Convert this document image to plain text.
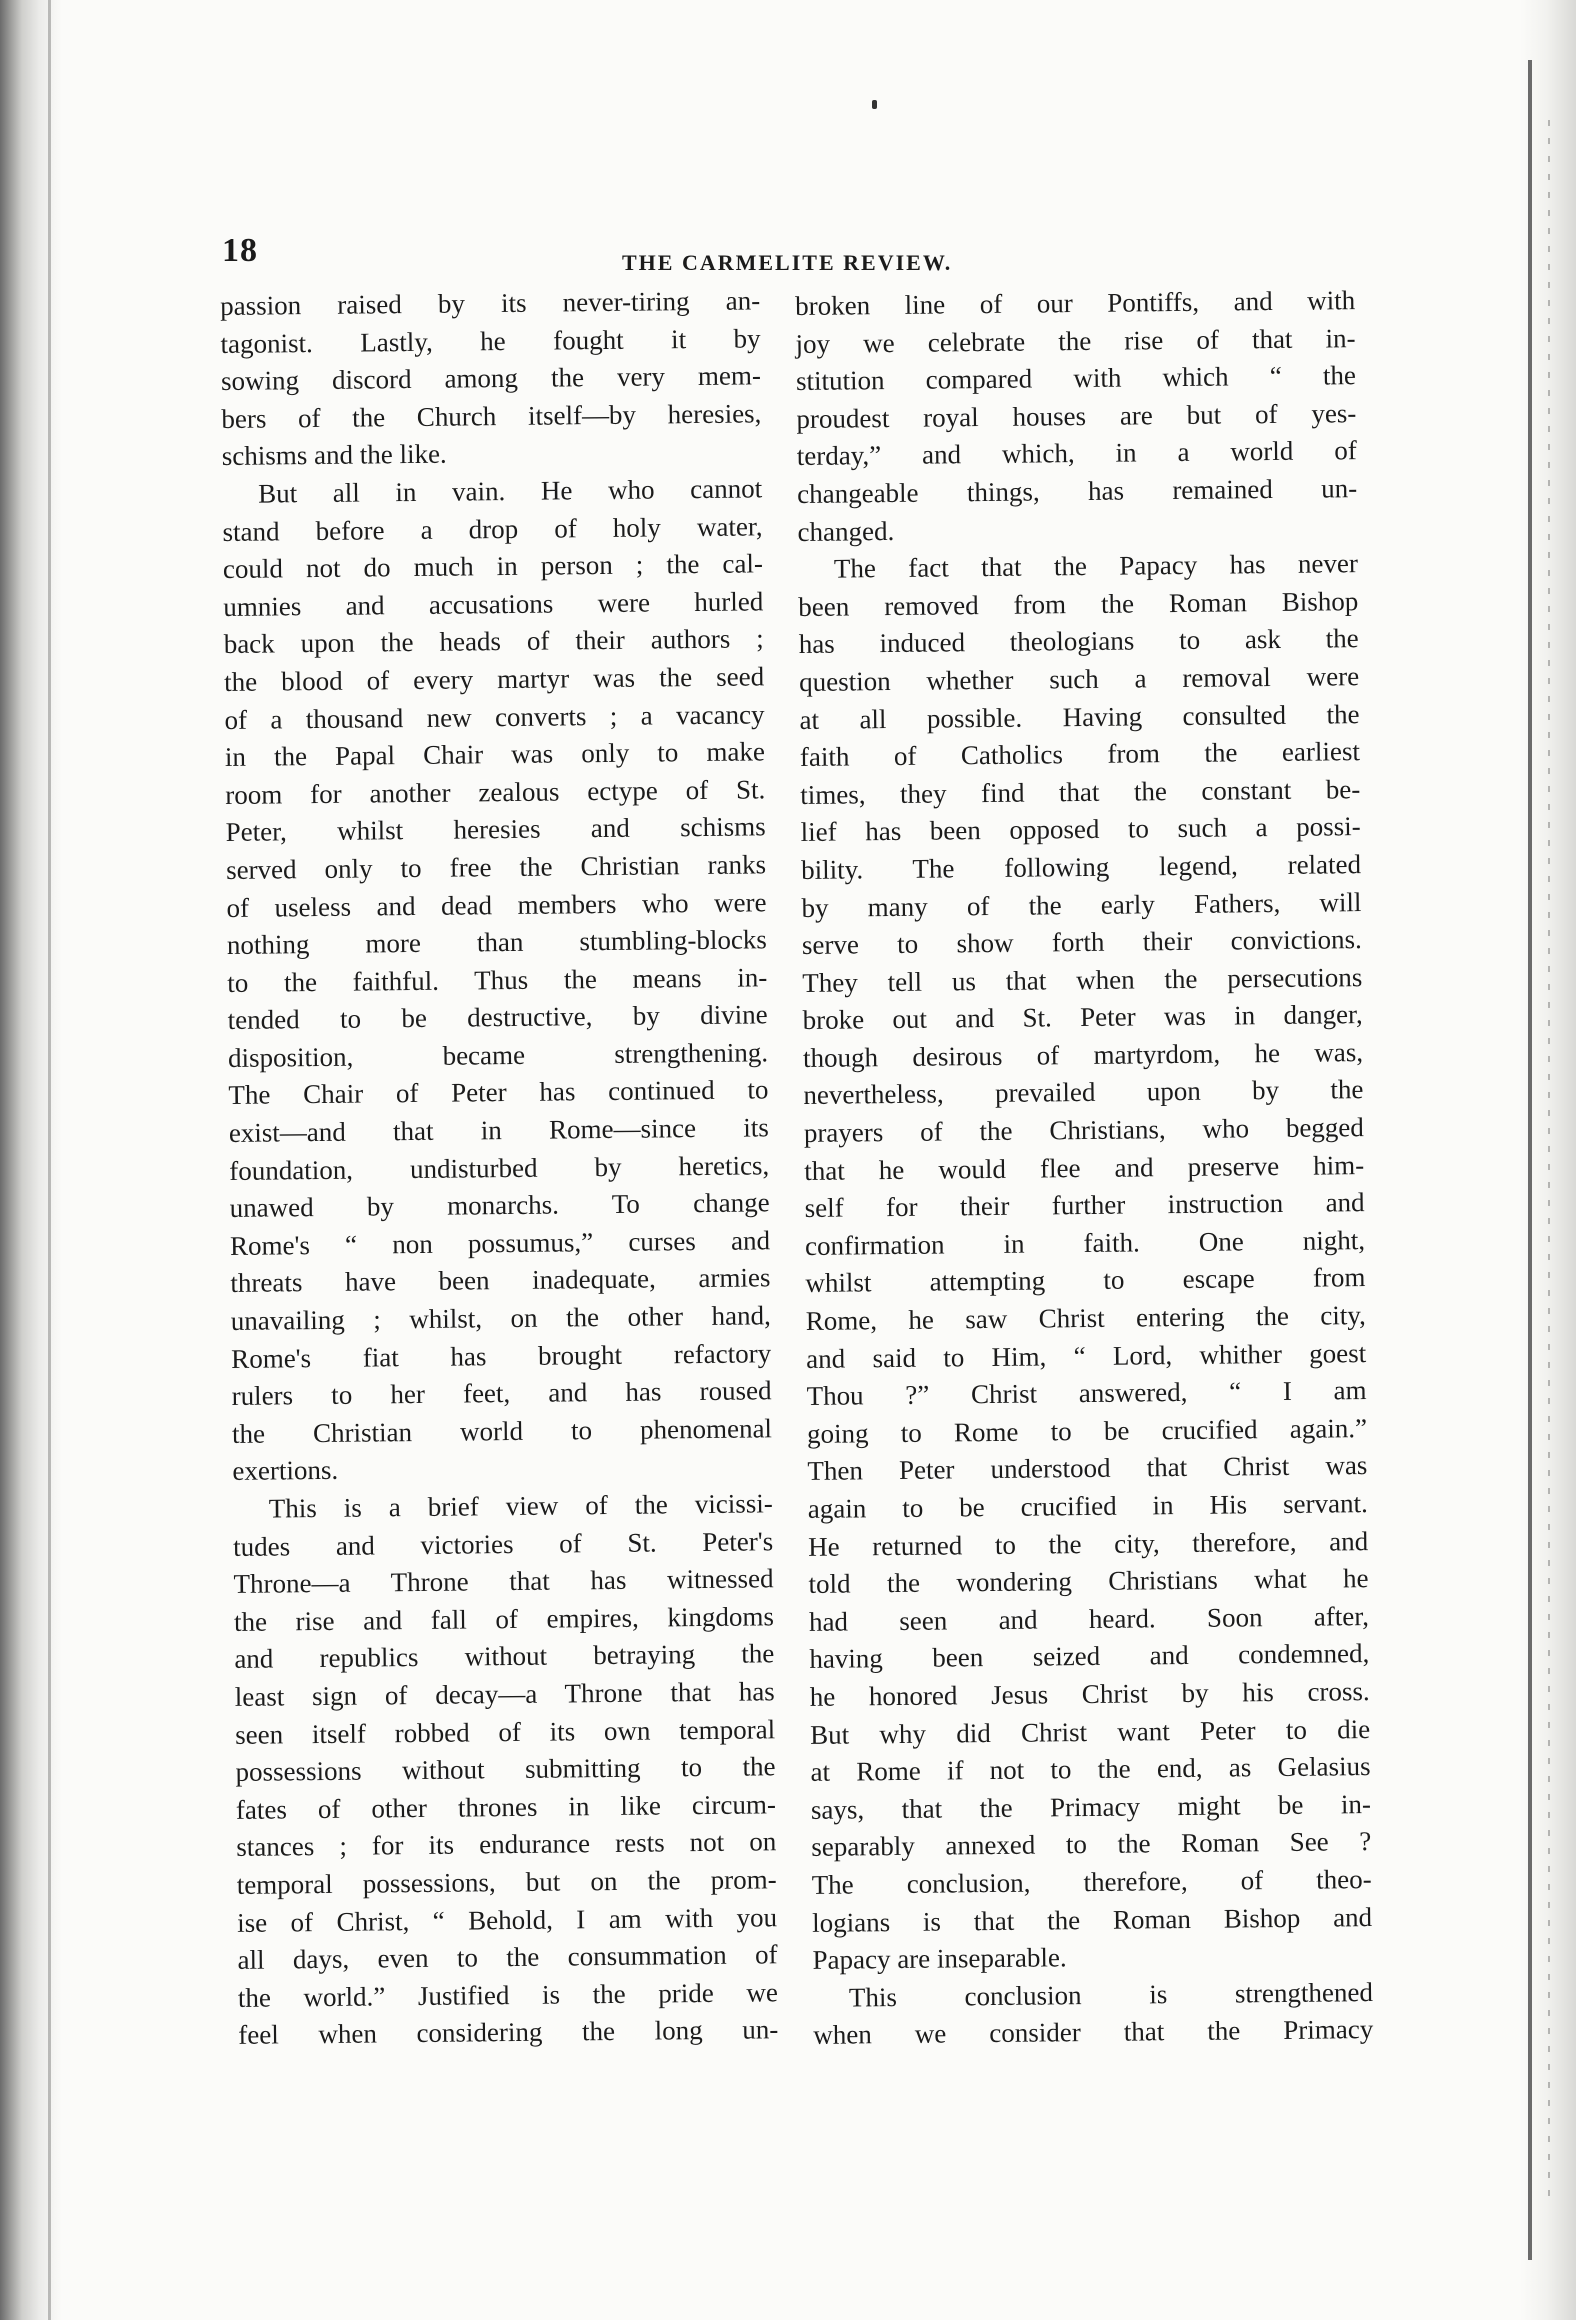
18	THE CARMELITE REVIEW.
passion raised by its never-tiring an-
tagonist. Lastly, he fought it by
sowing discord among the very mem-
bers of the Church itself—by heresies,
schisms and the like.
But all in vain. He who cannot
stand before a drop of holy water,
could not do much in person ; the cal-
umnies and accusations were hurled
back upon the heads of their authors ;
the blood of every martyr was the seed
of a thousand new converts ; a vacancy
in the Papal Chair was only to make
room for another zealous ectype of St.
Peter, whilst heresies and schisms
served only to free the Christian ranks
of useless and dead members who were
nothing more than stumbling-blocks
to the faithful. Thus the means in-
tended to be destructive, by divine
disposition, became strengthening.
The Chair of Peter has continued to
exist—and that in Rome—since its
foundation, undisturbed by heretics,
unawed by monarchs. To change
Rome's “ non possumus,” curses and
threats have been inadequate, armies
unavailing ; whilst, on the other hand,
Rome's fiat has brought refactory
rulers to her feet, and has roused
the Christian world to phenomenal
exertions.
This is a brief view of the vicissi-
tudes and victories of St. Peter's
Throne—a Throne that has witnessed
the rise and fall of empires, kingdoms
and republics without betraying the
least sign of decay—a Throne that has
seen itself robbed of its own temporal
possessions without submitting to the
fates of other thrones in like circum-
stances ; for its endurance rests not on
temporal possessions, but on the prom-
ise of Christ, “ Behold, I am with you
all days, even to the consummation of
the world.” Justified is the pride we
feel when considering the long un-
broken line of our Pontiffs, and with
joy we celebrate the rise of that in-
stitution compared with which “ the
proudest royal houses are but of yes-
terday,” and which, in a world of
changeable things, has remained un-
changed.
The fact that the Papacy has never
been removed from the Roman Bishop
has induced theologians to ask the
question whether such a removal were
at all possible. Having consulted the
faith of Catholics from the earliest
times, they find that the constant be-
lief has been opposed to such a possi-
bility. The following legend, related
by many of the early Fathers, will
serve to show forth their convictions.
They tell us that when the persecutions
broke out and St. Peter was in danger,
though desirous of martyrdom, he was,
nevertheless, prevailed upon by the
prayers of the Christians, who begged
that he would flee and preserve him-
self for their further instruction and
confirmation in faith. One night,
whilst attempting to escape from
Rome, he saw Christ entering the city,
and said to Him, “ Lord, whither goest
Thou ?” Christ answered, “ I am
going to Rome to be crucified again.”
Then Peter understood that Christ was
again to be crucified in His servant.
He returned to the city, therefore, and
told the wondering Christians what he
had seen and heard. Soon after,
having been seized and condemned,
he honored Jesus Christ by his cross.
But why did Christ want Peter to die
at Rome if not to the end, as Gelasius
says, that the Primacy might be in-
separably annexed to the Roman See ?
The conclusion, therefore, of theo-
logians is that the Roman Bishop and
Papacy are inseparable.
This conclusion is strengthened
when we consider that the Primacy
